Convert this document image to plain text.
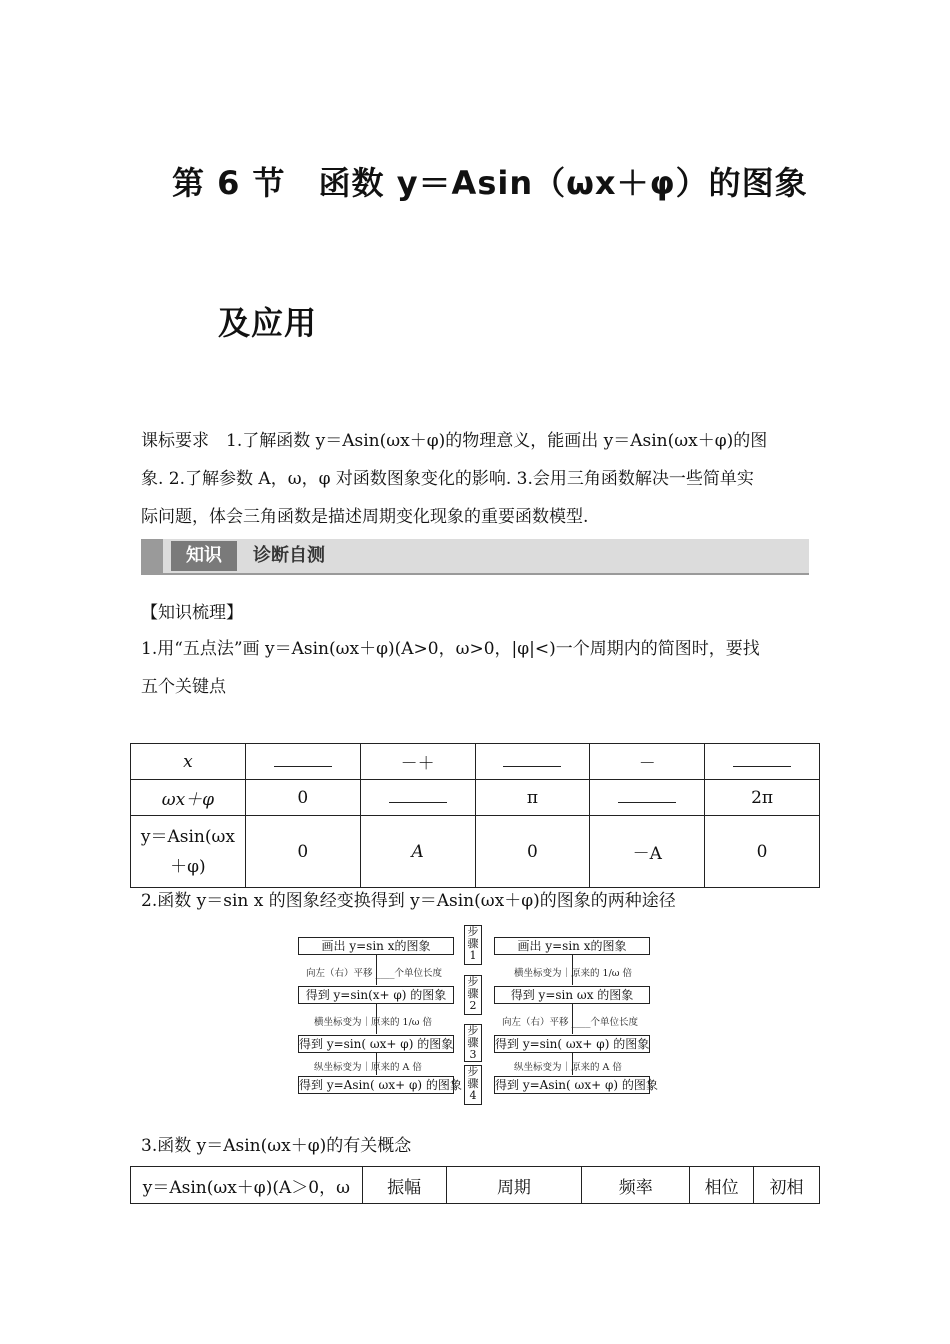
第 6 节　函数 y＝Asin（ωx＋φ）的图象
及应用
课标要求　1.了解函数 y＝Asin(ωx＋φ)的物理意义，能画出 y＝Asin(ωx＋φ)的图
象. 2.了解参数 A，ω，φ 对函数图象变化的影响. 3.会用三角函数解决一些简单实
际问题，体会三角函数是描述周期变化现象的重要函数模型.
知识	诊断自测
【知识梳理】
1.用“五点法”画 y＝Asin(ωx＋φ)(A>0，ω>0，|φ|<)一个周期内的简图时，要找
五个关键点
x		－＋		－	
ωx＋φ	0		π		2π

y＝Asin(ωx
＋φ)	0	A	0	－A	0
2.函数 y＝sin x 的图象经变换得到 y＝Asin(ωx＋φ)的图象的两种途径
画出 y=sin x的图象
得到 y=sin(x+ φ) 的图象
得到 y=sin( ωx+ φ) 的图象
得到 y=Asin( ωx+ φ) 的图象
画出 y=sin x的图象
得到 y=sin ωx 的图象
得到 y=sin( ωx+ φ) 的图象
得到 y=Asin( ωx+ φ) 的图象
向左（右）平移 ____个单位长度
横坐标变为｜原来的 1/ω 倍
纵坐标变为｜原来的 A 倍
横坐标变为｜原来的 1/ω 倍
向左（右）平移 ____个单位长度
纵坐标变为｜原来的 A 倍
步骤1
步骤2
步骤3
步骤4
3.函数 y＝Asin(ωx＋φ)的有关概念
y＝Asin(ωx＋φ)(A＞0，ω	振幅	周期	频率	相位	初相
